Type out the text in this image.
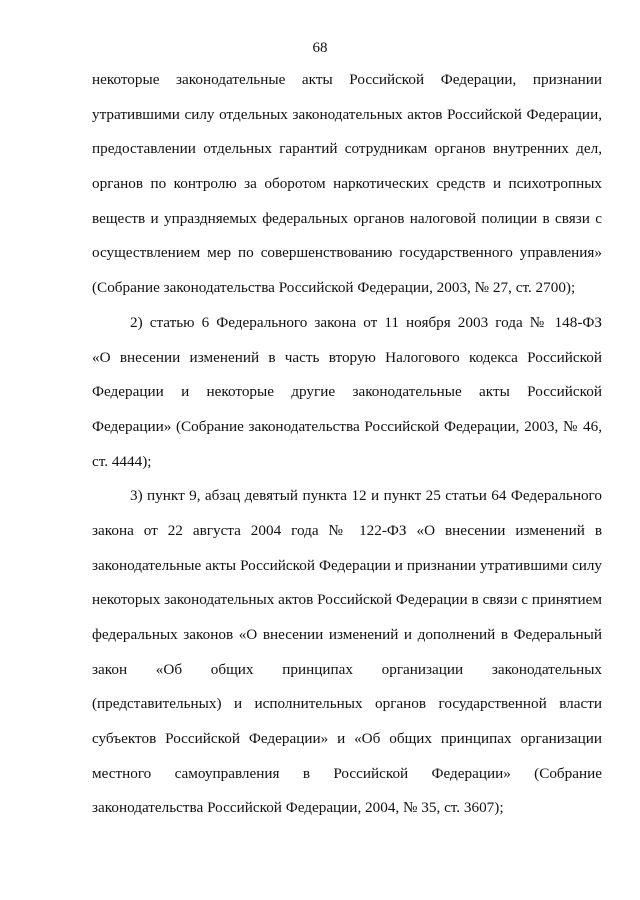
68
некоторые законодательные акты Российской Федерации, признании
утратившими силу отдельных законодательных актов Российской Федерации,
предоставлении отдельных гарантий сотрудникам органов внутренних дел,
органов по контролю за оборотом наркотических средств и психотропных
веществ и упраздняемых федеральных органов налоговой полиции в связи с
осуществлением мер по совершенствованию государственного управления»
(Собрание законодательства Российской Федерации, 2003, № 27, ст. 2700);
2) статью 6 Федерального закона от 11 ноября 2003 года № 148-ФЗ
«О внесении изменений в часть вторую Налогового кодекса Российской
Федерации и некоторые другие законодательные акты Российской
Федерации» (Собрание законодательства Российской Федерации, 2003, № 46,
ст. 4444);
3) пункт 9, абзац девятый пункта 12 и пункт 25 статьи 64 Федерального
закона от 22 августа 2004 года № 122-ФЗ «О внесении изменений в
законодательные акты Российской Федерации и признании утратившими силу
некоторых законодательных актов Российской Федерации в связи с принятием
федеральных законов «О внесении изменений и дополнений в Федеральный
закон «Об общих принципах организации законодательных
(представительных) и исполнительных органов государственной власти
субъектов Российской Федерации» и «Об общих принципах организации
местного самоуправления в Российской Федерации» (Собрание
законодательства Российской Федерации, 2004, № 35, ст. 3607);
